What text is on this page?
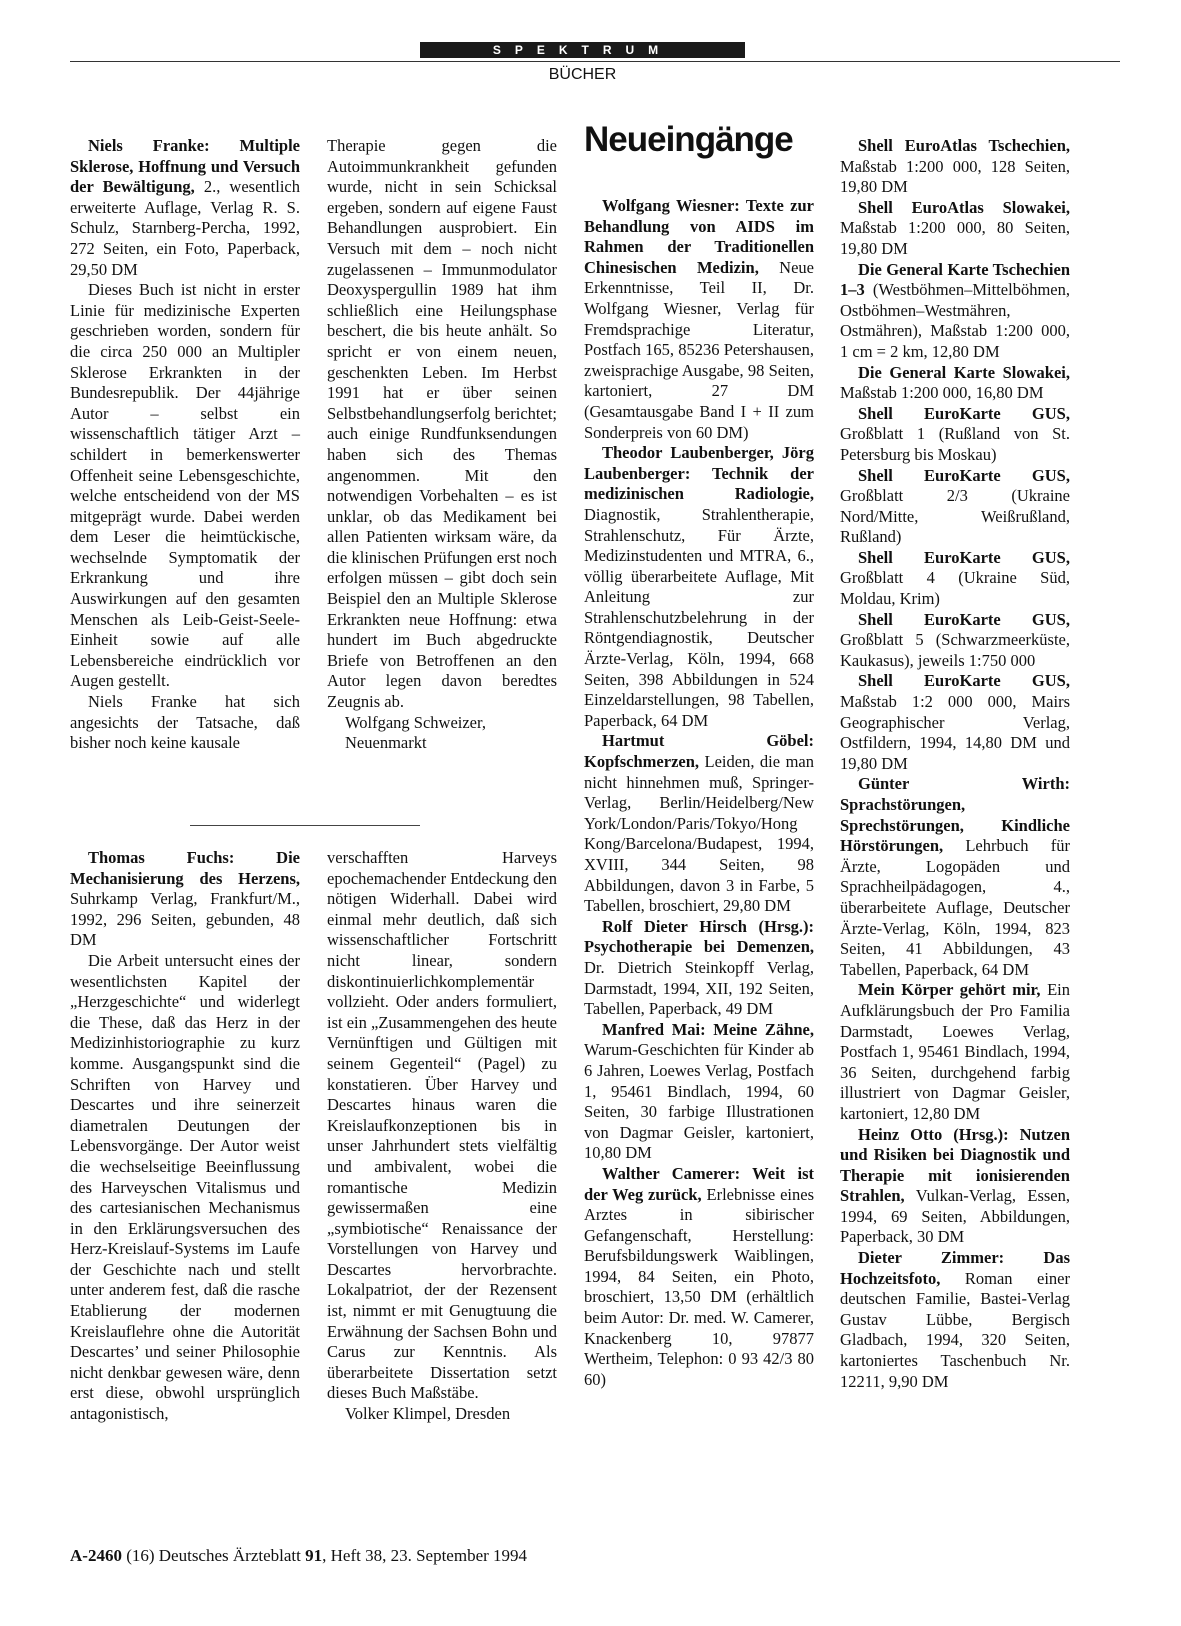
SPEKTRUM
BÜCHER

Niels Franke: Multiple Sklerose, Hoffnung und Versuch der Bewältigung, 2., wesentlich erweiterte Auflage, Verlag R. S. Schulz, Starnberg-Percha, 1992, 272 Seiten, ein Foto, Paperback, 29,50 DM

Dieses Buch ist nicht in erster Linie für medizinische Experten geschrieben worden, sondern für die circa 250 000 an Multipler Sklerose Erkrankten in der Bundesrepublik. Der 44jährige Autor – selbst ein wissenschaftlich tätiger Arzt – schildert in bemerkenswerter Offenheit seine Lebensgeschichte, welche entscheidend von der MS mitgeprägt wurde. Dabei werden dem Leser die heimtückische, wechselnde Symptomatik der Erkrankung und ihre Auswirkungen auf den gesamten Menschen als Leib-Geist-Seele-Einheit sowie auf alle Lebensbereiche eindrücklich vor Augen gestellt.

Niels Franke hat sich angesichts der Tatsache, daß bisher noch keine kausale

Therapie gegen die Autoimmunkrankheit gefunden wurde, nicht in sein Schicksal ergeben, sondern auf eigene Faust Behandlungen ausprobiert. Ein Versuch mit dem – noch nicht zugelassenen – Immunmodulator Deoxyspergullin 1989 hat ihm schließlich eine Heilungsphase beschert, die bis heute anhält. So spricht er von einem neuen, geschenkten Leben. Im Herbst 1991 hat er über seinen Selbstbehandlungserfolg berichtet; auch einige Rundfunksendungen haben sich des Themas angenommen. Mit den notwendigen Vorbehalten – es ist unklar, ob das Medikament bei allen Patienten wirksam wäre, da die klinischen Prüfungen erst noch erfolgen müssen – gibt doch sein Beispiel den an Multiple Sklerose Erkrankten neue Hoffnung: etwa hundert im Buch abgedruckte Briefe von Betroffenen an den Autor legen davon beredtes Zeugnis ab.

Wolfgang Schweizer,

Neuenmarkt

Thomas Fuchs: Die Mechanisierung des Herzens, Suhrkamp Verlag, Frankfurt/M., 1992, 296 Seiten, gebunden, 48 DM

Die Arbeit untersucht eines der wesentlichsten Kapitel der „Herzgeschichte“ und widerlegt die These, daß das Herz in der Medizinhistoriographie zu kurz komme. Ausgangspunkt sind die Schriften von Harvey und Descartes und ihre seinerzeit diametralen Deutungen der Lebensvorgänge. Der Autor weist die wechselseitige Beeinflussung des Harveyschen Vitalismus und des cartesianischen Mechanismus in den Erklärungsversuchen des Herz-Kreislauf-Systems im Laufe der Geschichte nach und stellt unter anderem fest, daß die rasche Etablierung der modernen Kreislauflehre ohne die Autorität Descartes’ und seiner Philosophie nicht denkbar gewesen wäre, denn erst diese, obwohl ursprünglich antagonistisch,

verschafften Harveys epochemachender Entdeckung den nötigen Widerhall. Dabei wird einmal mehr deutlich, daß sich wissenschaftlicher Fortschritt nicht linear, sondern diskontinuierlichkomplementär vollzieht. Oder anders formuliert, ist ein „Zusammengehen des heute Vernünftigen und Gültigen mit seinem Gegenteil“ (Pagel) zu konstatieren. Über Harvey und Descartes hinaus waren die Kreislaufkonzeptionen bis in unser Jahrhundert stets vielfältig und ambivalent, wobei die romantische Medizin gewissermaßen eine „symbiotische“ Renaissance der Vorstellungen von Harvey und Descartes hervorbrachte. Lokalpatriot, der der Rezensent ist, nimmt er mit Genugtuung die Erwähnung der Sachsen Bohn und Carus zur Kenntnis. Als überarbeitete Dissertation setzt dieses Buch Maßstäbe.

Volker Klimpel, Dresden

Neueingänge

Wolfgang Wiesner: Texte zur Behandlung von AIDS im Rahmen der Traditionellen Chinesischen Medizin, Neue Erkenntnisse, Teil II, Dr. Wolfgang Wiesner, Verlag für Fremdsprachige Literatur, Postfach 165, 85236 Petershausen, zweisprachige Ausgabe, 98 Seiten, kartoniert, 27 DM (Gesamtausgabe Band I + II zum Sonderpreis von 60 DM)

Theodor Laubenberger, Jörg Laubenberger: Technik der medizinischen Radiologie, Diagnostik, Strahlentherapie, Strahlenschutz, Für Ärzte, Medizinstudenten und MTRA, 6., völlig überarbeitete Auflage, Mit Anleitung zur Strahlenschutzbelehrung in der Röntgendiagnostik, Deutscher Ärzte-Verlag, Köln, 1994, 668 Seiten, 398 Abbildungen in 524 Einzeldarstellungen, 98 Tabellen, Paperback, 64 DM

Hartmut Göbel: Kopfschmerzen, Leiden, die man nicht hinnehmen muß, Springer-Verlag, Berlin/Heidelberg/New York/London/Paris/Tokyo/Hong Kong/Barcelona/Budapest, 1994, XVIII, 344 Seiten, 98 Abbildungen, davon 3 in Farbe, 5 Tabellen, broschiert, 29,80 DM

Rolf Dieter Hirsch (Hrsg.): Psychotherapie bei Demenzen, Dr. Dietrich Steinkopff Verlag, Darmstadt, 1994, XII, 192 Seiten, Tabellen, Paperback, 49 DM

Manfred Mai: Meine Zähne, Warum-Geschichten für Kinder ab 6 Jahren, Loewes Verlag, Postfach 1, 95461 Bindlach, 1994, 60 Seiten, 30 farbige Illustrationen von Dagmar Geisler, kartoniert, 10,80 DM

Walther Camerer: Weit ist der Weg zurück, Erlebnisse eines Arztes in sibirischer Gefangenschaft, Herstellung: Berufsbildungswerk Waiblingen, 1994, 84 Seiten, ein Photo, broschiert, 13,50 DM (erhältlich beim Autor: Dr. med. W. Camerer, Knackenberg 10, 97877 Wertheim, Telephon: 0 93 42/3 80 60)

Shell EuroAtlas Tschechien, Maßstab 1:200 000, 128 Seiten, 19,80 DM

Shell EuroAtlas Slowakei, Maßstab 1:200 000, 80 Seiten, 19,80 DM

Die General Karte Tschechien 1–3 (Westböhmen–Mittelböhmen, Ostböhmen–Westmähren, Ostmähren), Maßstab 1:200 000, 1 cm = 2 km, 12,80 DM

Die General Karte Slowakei, Maßstab 1:200 000, 16,80 DM

Shell EuroKarte GUS, Großblatt 1 (Rußland von St. Petersburg bis Moskau)

Shell EuroKarte GUS, Großblatt 2/3 (Ukraine Nord/Mitte, Weißrußland, Rußland)

Shell EuroKarte GUS, Großblatt 4 (Ukraine Süd, Moldau, Krim)

Shell EuroKarte GUS, Großblatt 5 (Schwarzmeerküste, Kaukasus), jeweils 1:750 000

Shell EuroKarte GUS, Maßstab 1:2 000 000, Mairs Geographischer Verlag, Ostfildern, 1994, 14,80 DM und 19,80 DM

Günter Wirth: Sprachstörungen, Sprechstörungen, Kindliche Hörstörungen, Lehrbuch für Ärzte, Logopäden und Sprachheilpädagogen, 4., überarbeitete Auflage, Deutscher Ärzte-Verlag, Köln, 1994, 823 Seiten, 41 Abbildungen, 43 Tabellen, Paperback, 64 DM

Mein Körper gehört mir, Ein Aufklärungsbuch der Pro Familia Darmstadt, Loewes Verlag, Postfach 1, 95461 Bindlach, 1994, 36 Seiten, durchgehend farbig illustriert von Dagmar Geisler, kartoniert, 12,80 DM

Heinz Otto (Hrsg.): Nutzen und Risiken bei Diagnostik und Therapie mit ionisierenden Strahlen, Vulkan-Verlag, Essen, 1994, 69 Seiten, Abbildungen, Paperback, 30 DM

Dieter Zimmer: Das Hochzeitsfoto, Roman einer deutschen Familie, Bastei-Verlag Gustav Lübbe, Bergisch Gladbach, 1994, 320 Seiten, kartoniertes Taschenbuch Nr. 12211, 9,90 DM

A-2460 (16) Deutsches Ärzteblatt 91, Heft 38, 23. September 1994
